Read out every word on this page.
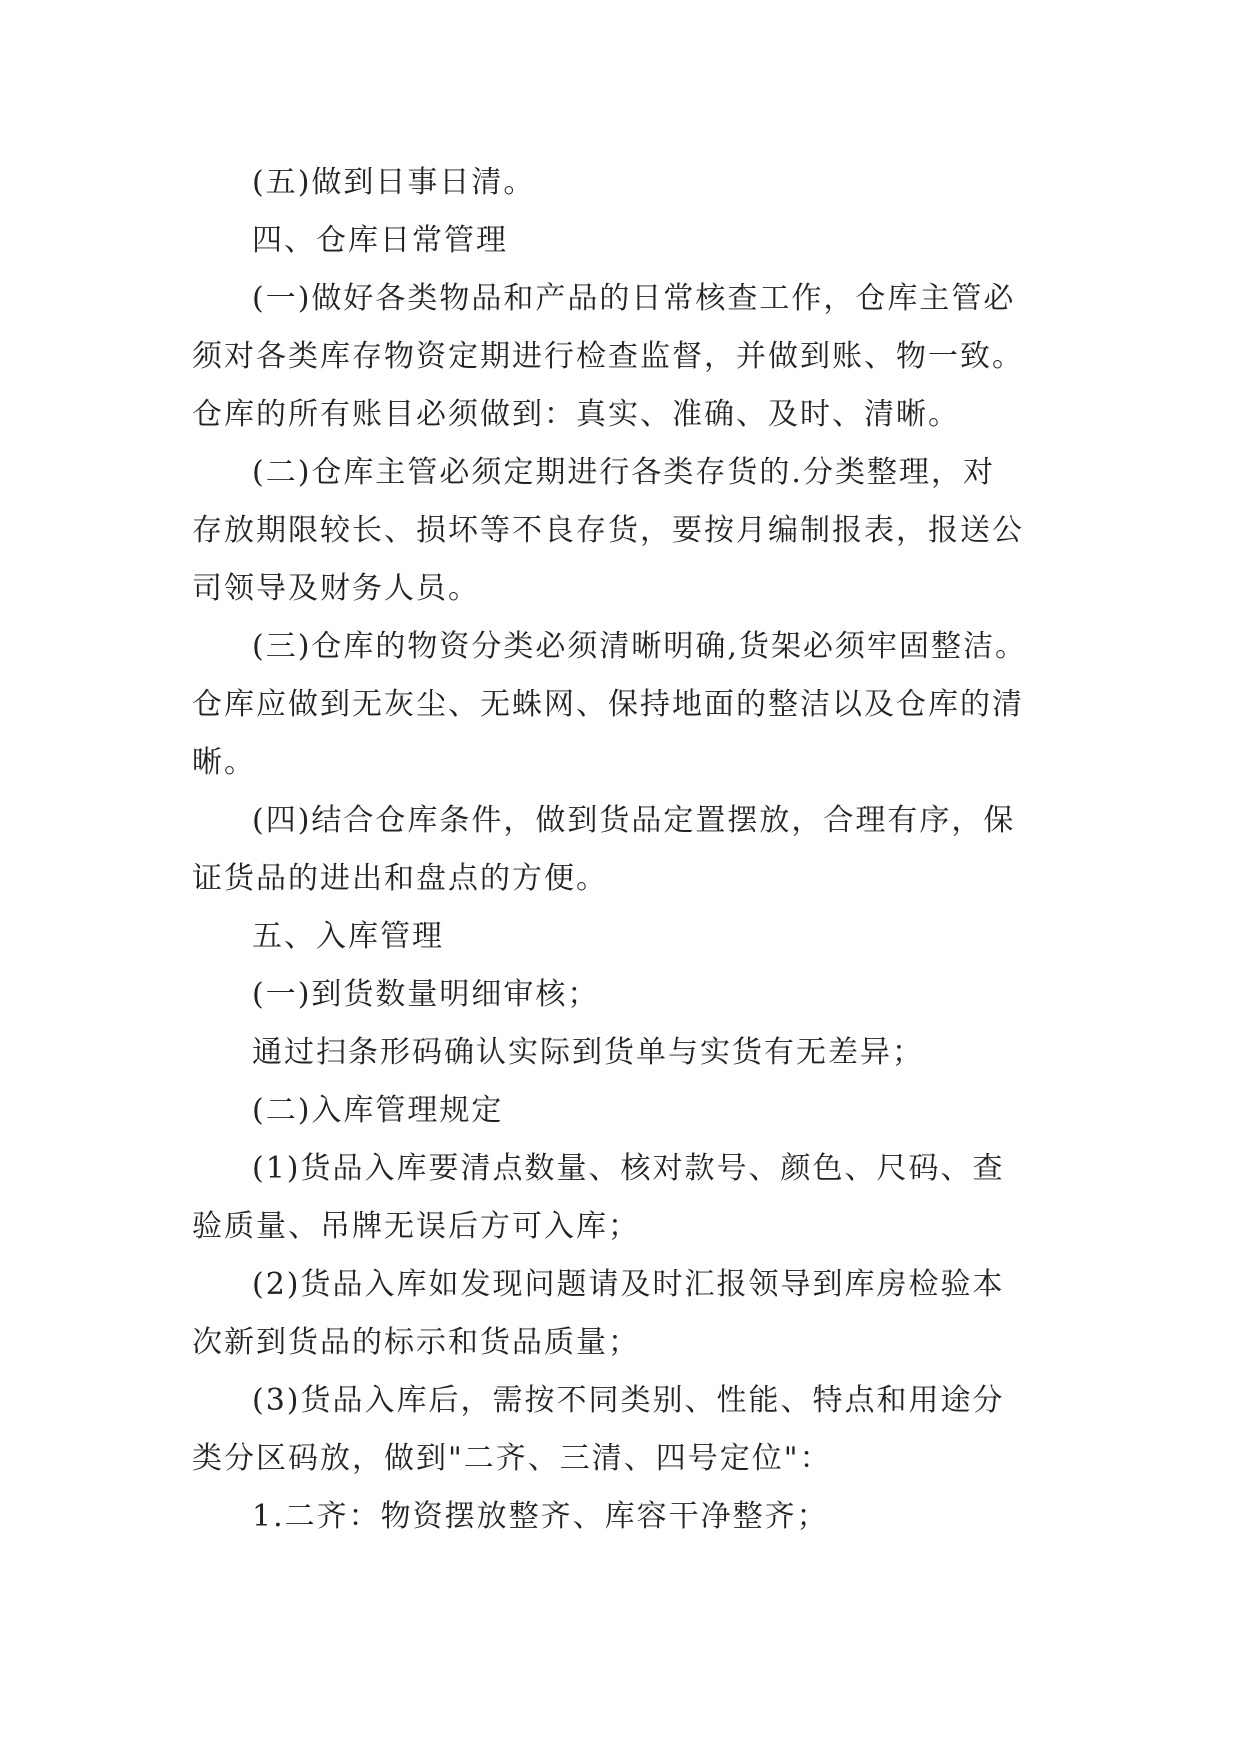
(五)做到日事日清。

四、仓库日常管理

(一)做好各类物品和产品的日常核查工作，仓库主管必

须对各类库存物资定期进行检查监督，并做到账、物一致。

仓库的所有账目必须做到：真实、准确、及时、清晰。

(二)仓库主管必须定期进行各类存货的.分类整理，对

存放期限较长、损坏等不良存货，要按月编制报表，报送公

司领导及财务人员。

(三)仓库的物资分类必须清晰明确,货架必须牢固整洁。

仓库应做到无灰尘、无蛛网、保持地面的整洁以及仓库的清

晰。

(四)结合仓库条件，做到货品定置摆放，合理有序，保

证货品的进出和盘点的方便。

五、入库管理

(一)到货数量明细审核；

通过扫条形码确认实际到货单与实货有无差异；

(二)入库管理规定

(1)货品入库要清点数量、核对款号、颜色、尺码、查

验质量、吊牌无误后方可入库；

(2)货品入库如发现问题请及时汇报领导到库房检验本

次新到货品的标示和货品质量；

(3)货品入库后，需按不同类别、性能、特点和用途分

类分区码放，做到"二齐、三清、四号定位"：

1.二齐：物资摆放整齐、库容干净整齐；
